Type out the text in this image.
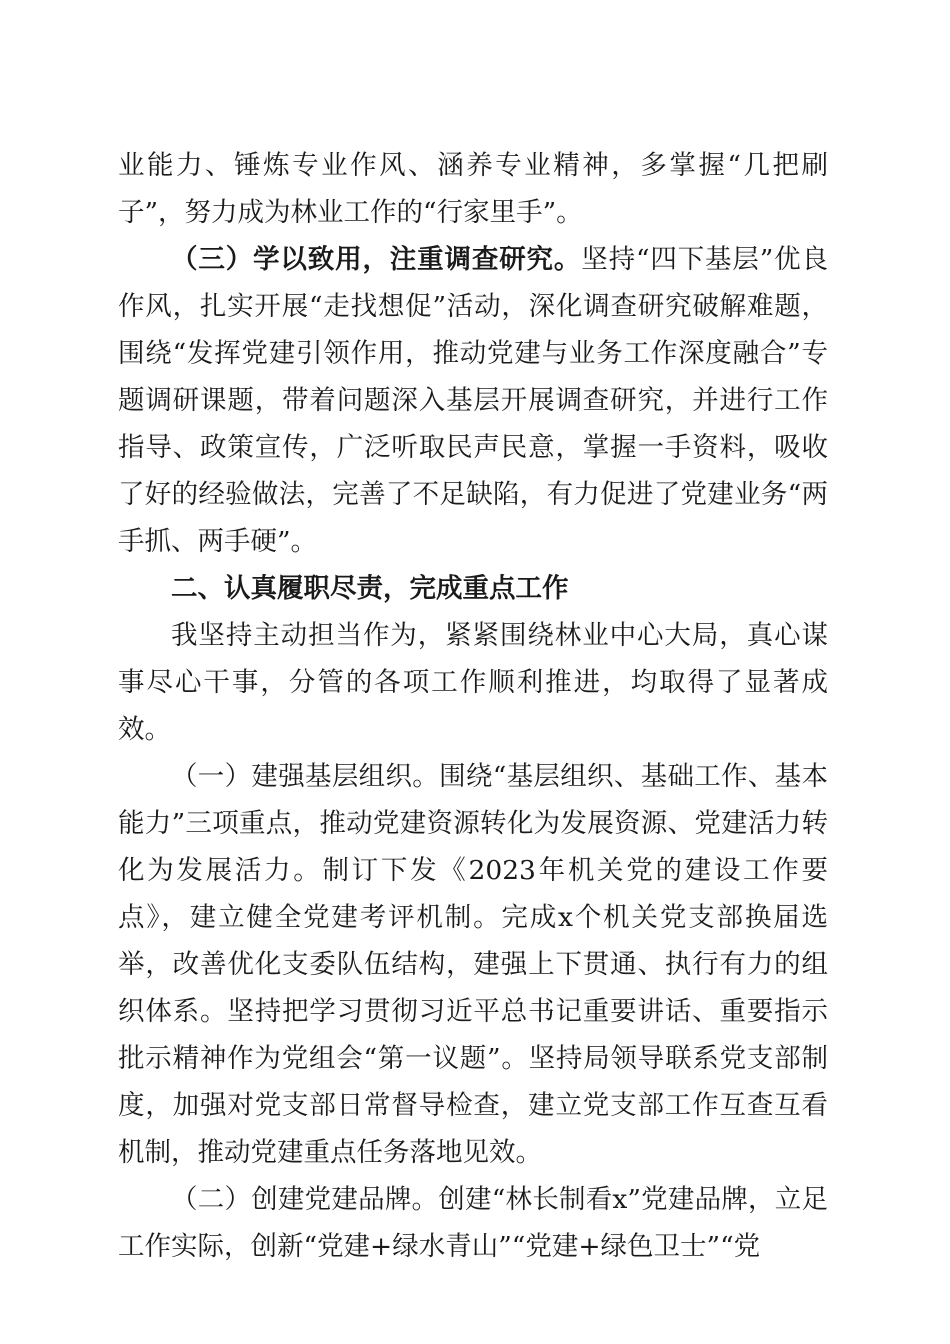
业能力、锤炼专业作风、涵养专业精神，多掌握“几把刷子”，努力成为林业工作的“行家里手”。

（三）学以致用，注重调查研究。坚持“四下基层”优良作风，扎实开展“走找想促”活动，深化调查研究破解难题，围绕“发挥党建引领作用，推动党建与业务工作深度融合”专题调研课题，带着问题深入基层开展调查研究，并进行工作指导、政策宣传，广泛听取民声民意，掌握一手资料，吸收了好的经验做法，完善了不足缺陷，有力促进了党建业务“两手抓、两手硬”。

二、认真履职尽责，完成重点工作

我坚持主动担当作为，紧紧围绕林业中心大局，真心谋事尽心干事，分管的各项工作顺利推进，均取得了显著成效。

（一）建强基层组织。围绕“基层组织、基础工作、基本能力”三项重点，推动党建资源转化为发展资源、党建活力转化为发展活力。制订下发《2023年机关党的建设工作要点》，建立健全党建考评机制。完成x个机关党支部换届选举，改善优化支委队伍结构，建强上下贯通、执行有力的组织体系。坚持把学习贯彻习近平总书记重要讲话、重要指示批示精神作为党组会“第一议题”。坚持局领导联系党支部制度，加强对党支部日常督导检查，建立党支部工作互查互看机制，推动党建重点任务落地见效。

（二）创建党建品牌。创建“林长制看x”党建品牌，立足工作实际，创新“党建+绿水青山”“党建+绿色卫士”“党
